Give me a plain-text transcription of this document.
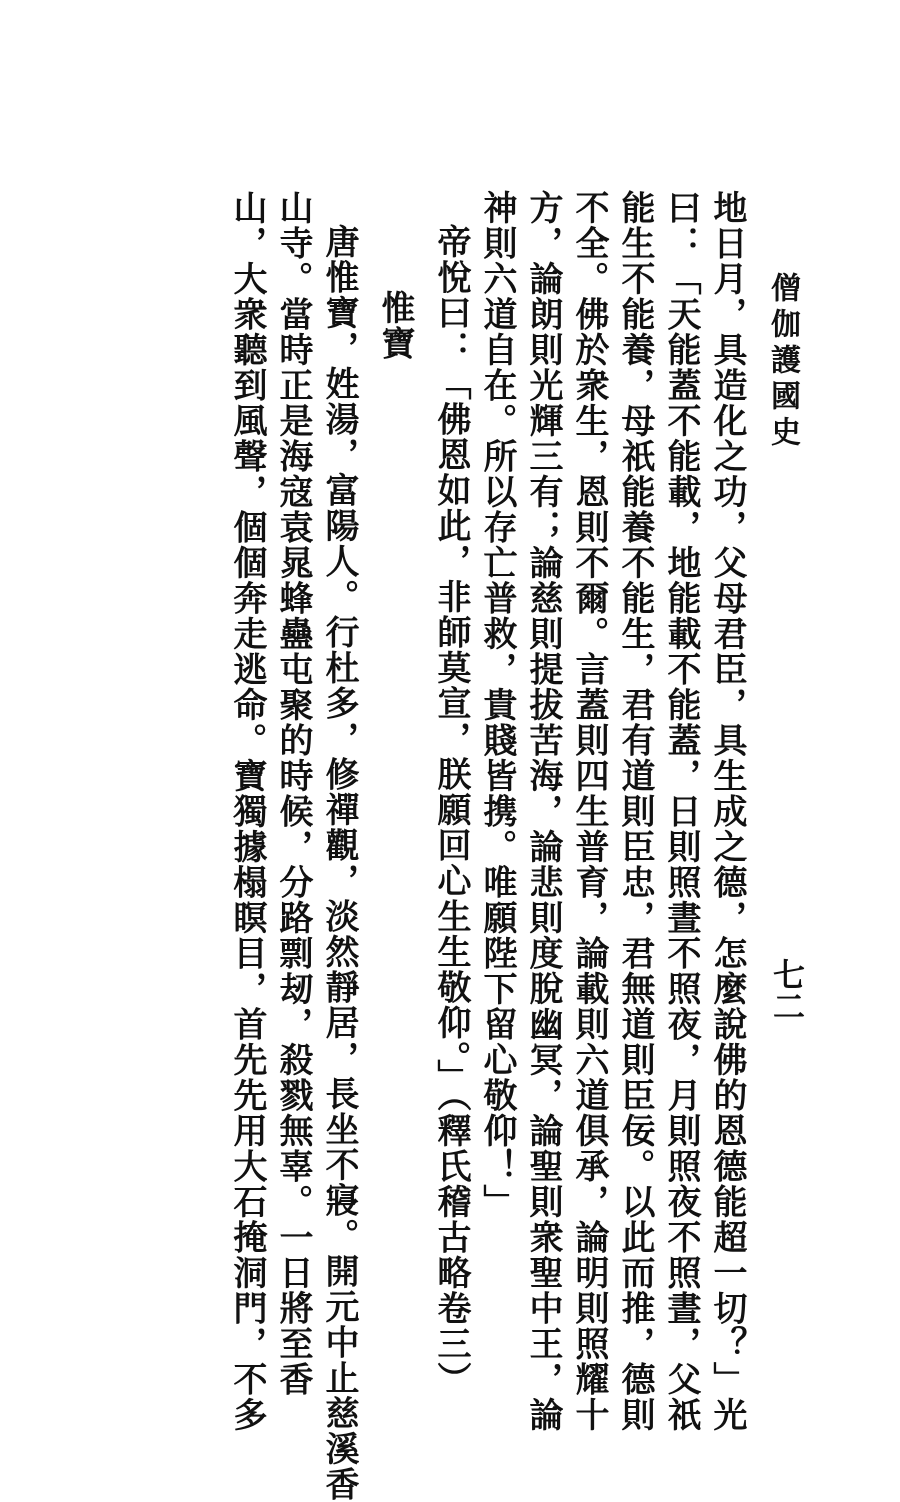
僧伽護國史
七二
地日月，具造化之功，父母君臣，具生成之德，怎麼說佛的恩德能超一切？」光
曰：「天能蓋不能載，地能載不能蓋，日則照晝不照夜，月則照夜不照晝，父祇
能生不能養，母祇能養不能生，君有道則臣忠，君無道則臣佞。以此而推，德則
不全。佛於衆生，恩則不爾。言蓋則四生普育，論載則六道俱承，論明則照耀十
方，論朗則光輝三有；論慈則提拔苦海，論悲則度脫幽冥，論聖則衆聖中王，論
神則六道自在。所以存亡普救，貴賤皆携。唯願陛下留心敬仰！」
帝悅曰：「佛恩如此，非師莫宣，朕願回心生生敬仰。」（釋氏稽古略卷三）
惟寶
唐惟寶，姓湯，富陽人。行杜多，修禪觀，淡然靜居，長坐不寢。開元中止慈溪香
山寺。當時正是海寇袁晁蜂蠱屯聚的時候，分路剽刼，殺戮無辜。一日將至香
山，大衆聽到風聲，個個奔走逃命。寶獨據榻瞑目，首先先用大石掩洞門，不多
